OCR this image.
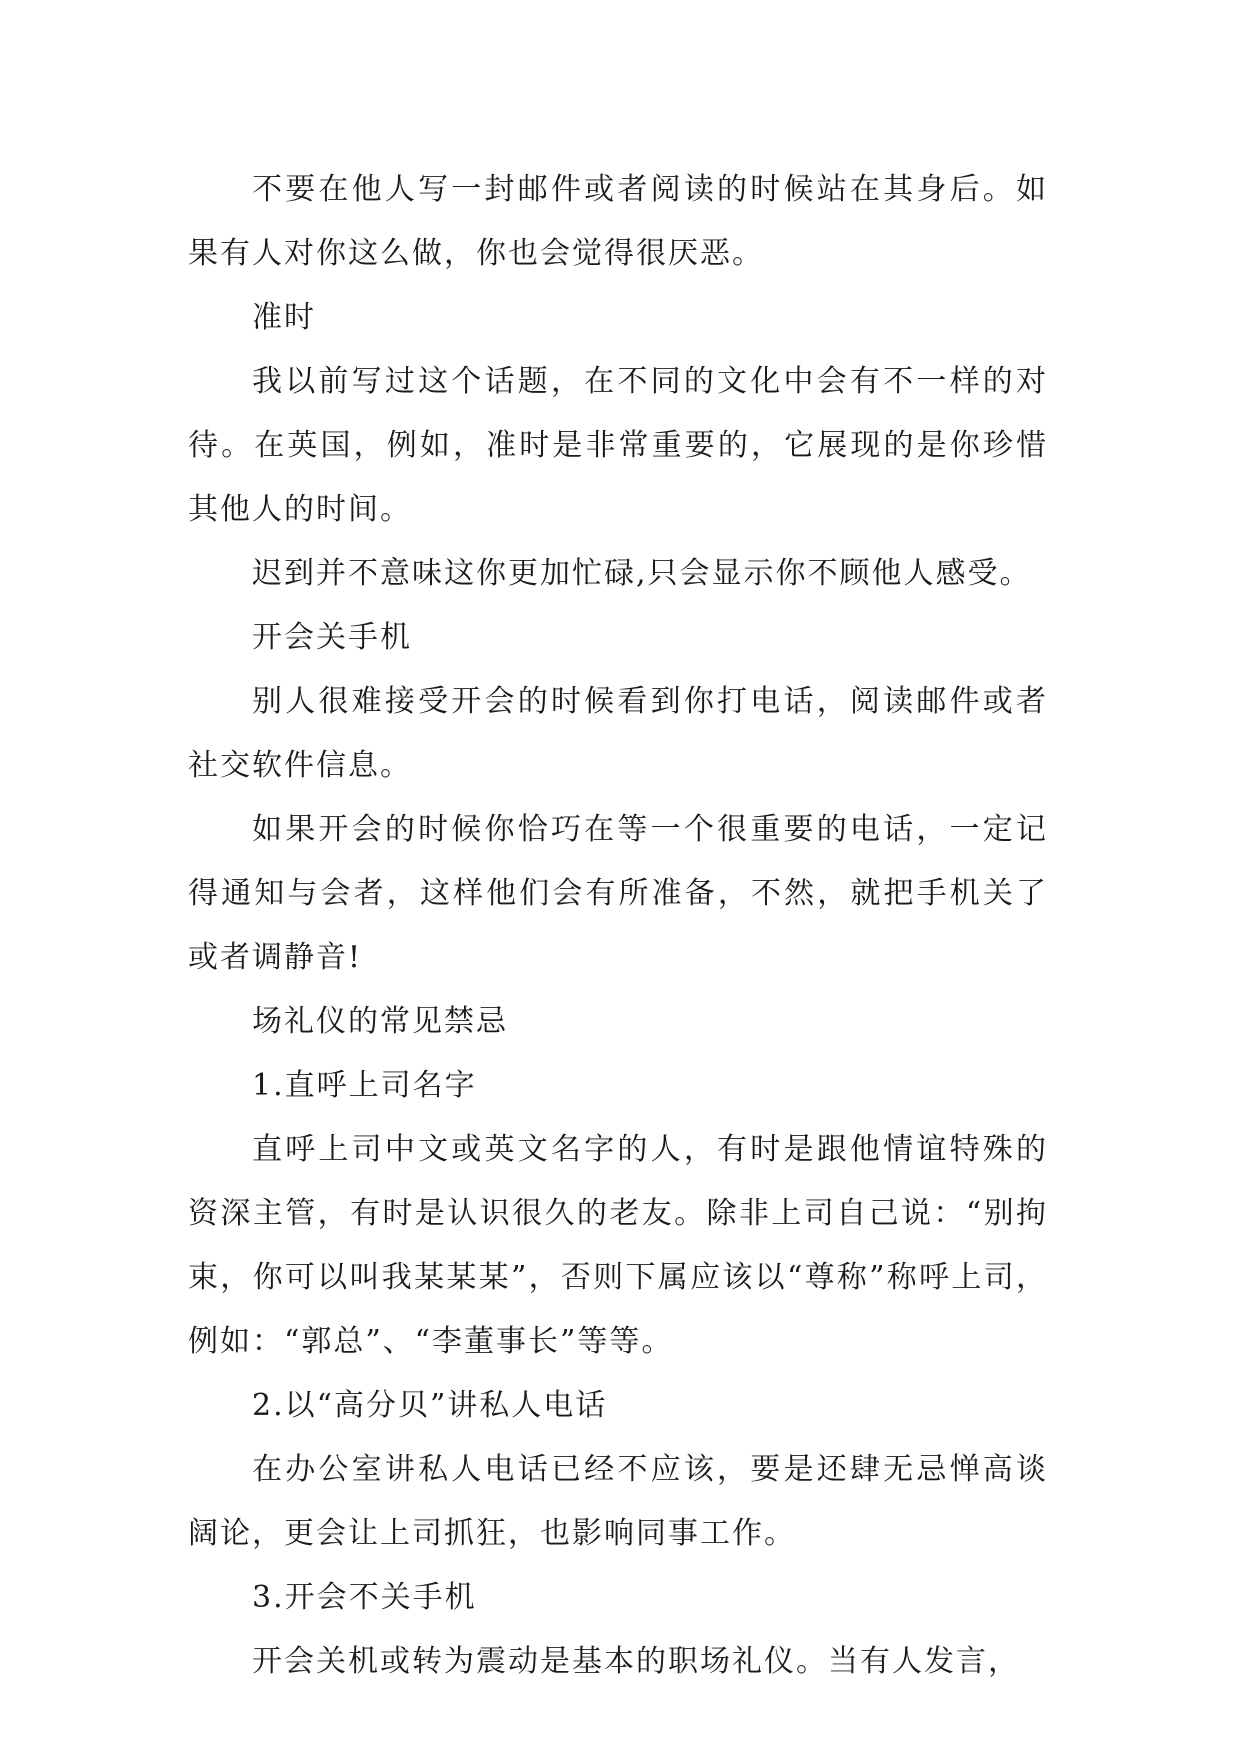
不要在他人写一封邮件或者阅读的时候站在其身后。如果有人对你这么做，你也会觉得很厌恶。

准时

我以前写过这个话题，在不同的文化中会有不一样的对待。在英国，例如，准时是非常重要的，它展现的是你珍惜其他人的时间。

迟到并不意味这你更加忙碌,只会显示你不顾他人感受。

开会关手机

别人很难接受开会的时候看到你打电话，阅读邮件或者社交软件信息。

如果开会的时候你恰巧在等一个很重要的电话，一定记得通知与会者，这样他们会有所准备，不然，就把手机关了或者调静音!

场礼仪的常见禁忌

1.直呼上司名字

直呼上司中文或英文名字的人，有时是跟他情谊特殊的资深主管，有时是认识很久的老友。除非上司自己说：“别拘束，你可以叫我某某某”，否则下属应该以“尊称”称呼上司，例如：“郭总”、“李董事长”等等。

2.以“高分贝”讲私人电话

在办公室讲私人电话已经不应该，要是还肆无忌惮高谈阔论，更会让上司抓狂，也影响同事工作。

3.开会不关手机

开会关机或转为震动是基本的职场礼仪。当有人发言，
